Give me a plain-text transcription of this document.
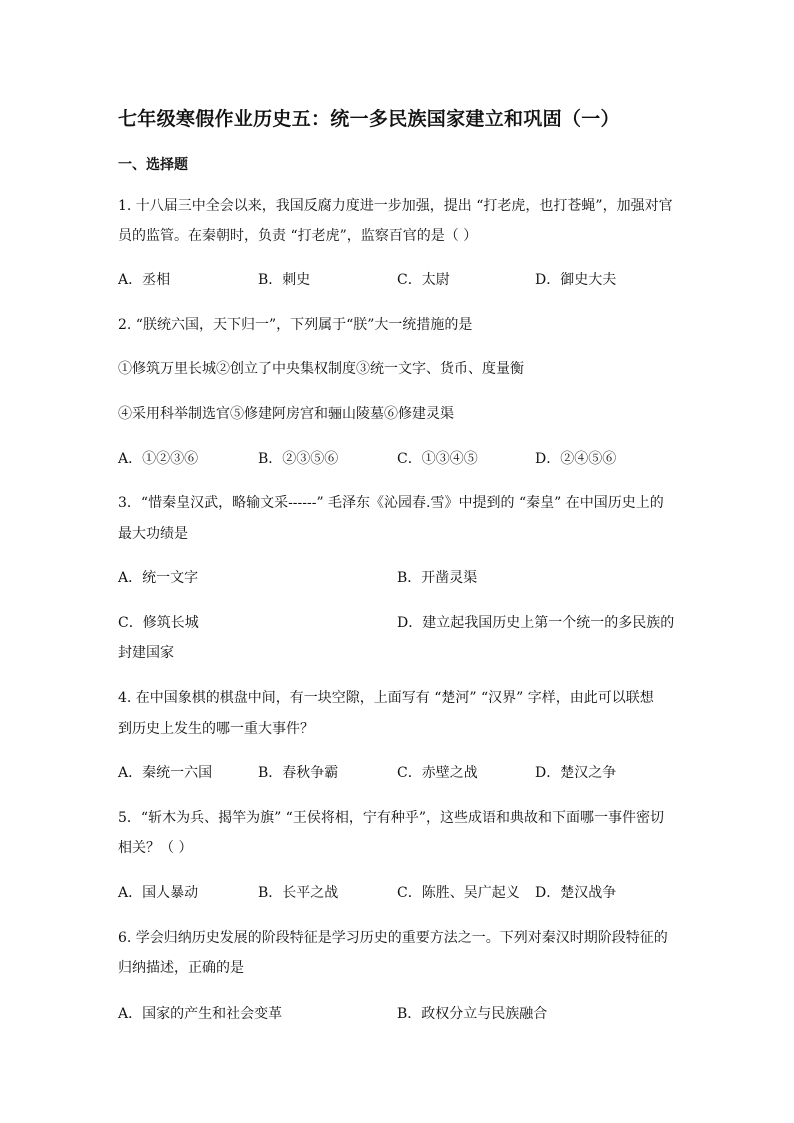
七年级寒假作业历史五：统一多民族国家建立和巩固（一）
一、选择题
1. 十八届三中全会以来，我国反腐力度进一步加强，提出 “打老虎，也打苍蝇”，加强对官
员的监管。在秦朝时，负责 “打老虎”，监察百官的是（ ）
A．丞相	B．刺史	C．太尉	D．御史大夫
2. “朕统六国，天下归一”，下列属于“朕”大一统措施的是
①修筑万里长城②创立了中央集权制度③统一文字、货币、度量衡
④采用科举制选官⑤修建阿房宫和骊山陵墓⑥修建灵渠
A．①②③⑥	B．②③⑤⑥	C．①③④⑤	D．②④⑤⑥
3．“惜秦皇汉武，略输文采------” 毛泽东《沁园春.雪》中提到的 “秦皇” 在中国历史上的
最大功绩是
A．统一文字	B．开凿灵渠
C．修筑长城	D．建立起我国历史上第一个统一的多民族的
封建国家
4. 在中国象棋的棋盘中间，有一块空隙，上面写有 “楚河” “汉界” 字样，由此可以联想
到历史上发生的哪一重大事件？
A．秦统一六国	B．春秋争霸	C．赤壁之战	D．楚汉之争
5．“斩木为兵、揭竿为旗” “王侯将相，宁有种乎”，这些成语和典故和下面哪一事件密切
相关？（ ）
A．国人暴动	B．长平之战	C．陈胜、吴广起义 D．楚汉战争
6. 学会归纳历史发展的阶段特征是学习历史的重要方法之一。下列对秦汉时期阶段特征的
归纳描述，正确的是
A．国家的产生和社会变革	B．政权分立与民族融合
